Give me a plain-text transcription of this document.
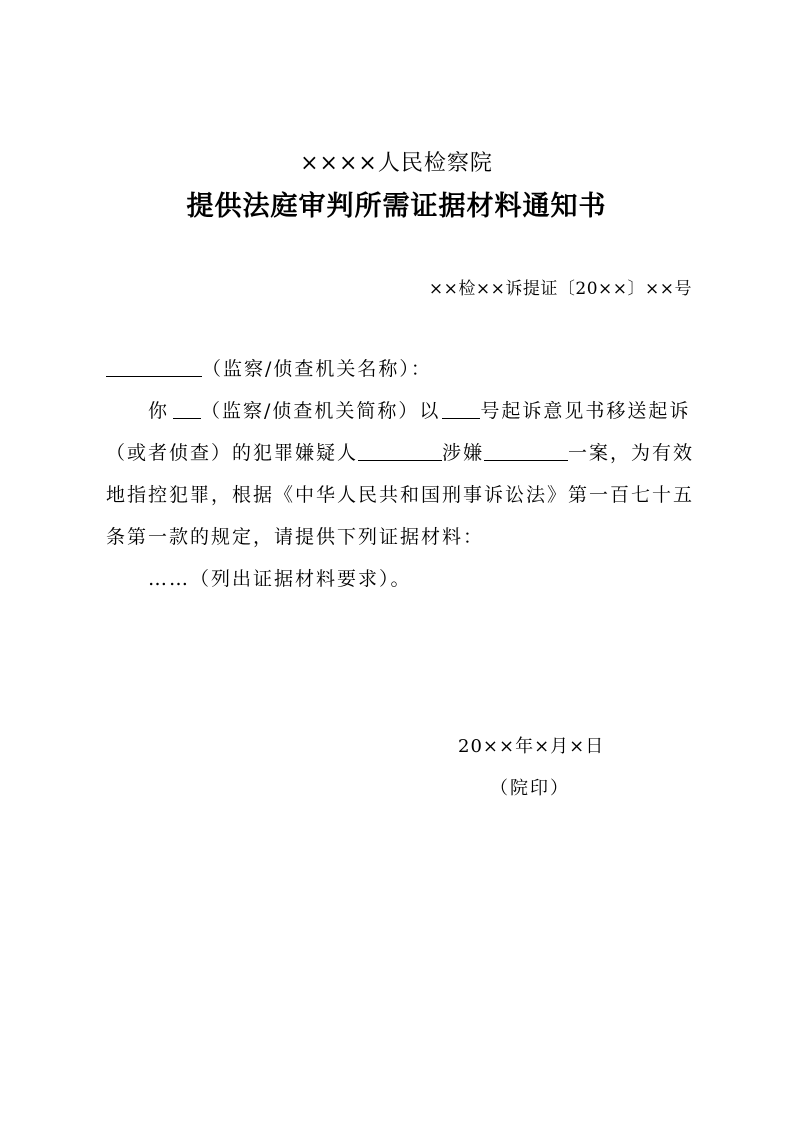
××××人民检察院
提供法庭审判所需证据材料通知书
××检××诉提证〔20××〕××号
（监察/侦查机关名称）：
你 （监察/侦查机关简称）以 号起诉意见书移送起诉
（或者侦查）的犯罪嫌疑人	涉嫌	一案，为有效
地指控犯罪，根据《中华人民共和国刑事诉讼法》第一百七十五
条第一款的规定，请提供下列证据材料：
……（列出证据材料要求）。
20××年×月×日
（院印）
